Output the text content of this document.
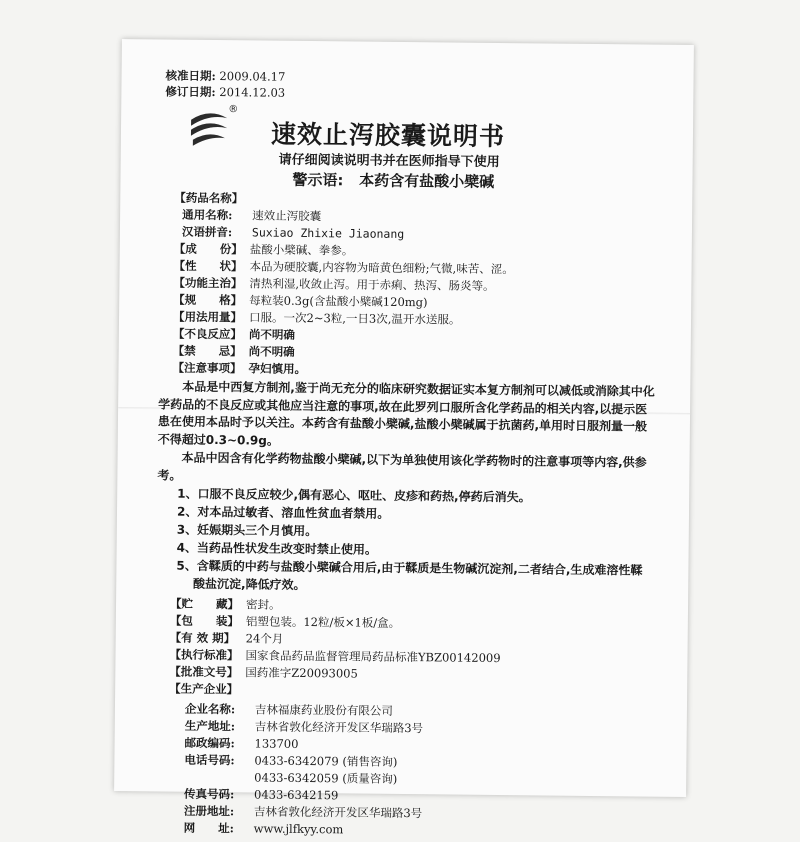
核准日期: 2009.04.17
修订日期: 2014.12.03
®
速效止泻胶囊说明书
请仔细阅读说明书并在医师指导下使用
警示语: 本药含有盐酸小檗碱
【药品名称】
通用名称: 速效止泻胶囊
汉语拼音: Suxiao Zhixie Jiaonang
【成　　份】 盐酸小檗碱、拳参。
【性　　状】 本品为硬胶囊,内容物为暗黄色细粉;气微,味苦、涩。
【功能主治】 清热利湿,收敛止泻。用于赤痢、热泻、肠炎等。
【规　　格】 每粒装0.3g(含盐酸小檗碱120mg)
【用法用量】 口服。一次2~3粒,一日3次,温开水送服。
【不良反应】 尚不明确
【禁　　忌】 尚不明确
【注意事项】 孕妇慎用。
本品是中西复方制剂,鉴于尚无充分的临床研究数据证实本复方制剂可以减低或消除其中化学药品的不良反应或其他应当注意的事项,故在此罗列口服所含化学药品的相关内容,以提示医患在使用本品时予以关注。本药含有盐酸小檗碱,盐酸小檗碱属于抗菌药,单用时日服剂量一般不得超过0.3~0.9g。
本品中因含有化学药物盐酸小檗碱,以下为单独使用该化学药物时的注意事项等内容,供参考。
1、口服不良反应较少,偶有恶心、呕吐、皮疹和药热,停药后消失。
2、对本品过敏者、溶血性贫血者禁用。
3、妊娠期头三个月慎用。
4、当药品性状发生改变时禁止使用。
5、含鞣质的中药与盐酸小檗碱合用后,由于鞣质是生物碱沉淀剂,二者结合,生成难溶性鞣酸盐沉淀,降低疗效。
【贮　　藏】 密封。
【包　　装】 铝塑包装。12粒/板×1板/盒。
【有 效 期】 24个月
【执行标准】 国家食品药品监督管理局药品标准YBZ00142009
【批准文号】 国药准字Z20093005
【生产企业】
企业名称: 吉林福康药业股份有限公司
生产地址: 吉林省敦化经济开发区华瑞路3号
邮政编码: 133700
电话号码: 0433-6342079 (销售咨询)
0433-6342059 (质量咨询)
传真号码: 0433-6342159
注册地址: 吉林省敦化经济开发区华瑞路3号
网　　址: www.jlfkyy.com
